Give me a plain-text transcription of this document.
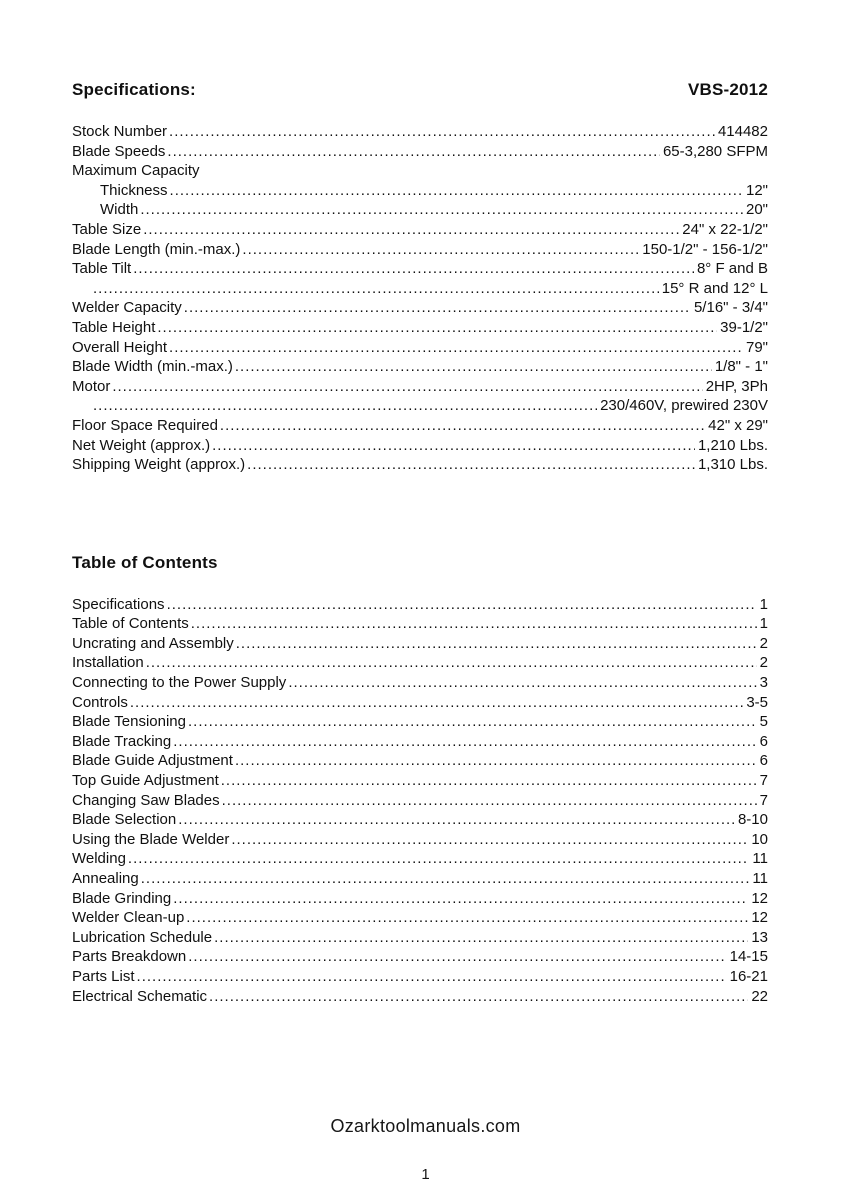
Specifications:	VBS-2012
Stock Number .....	414482
Blade Speeds .....	65-3,280 SFPM
Maximum Capacity
Thickness .....	12"
Width .....	20"
Table Size .....	24" x 22-1/2"
Blade Length (min.-max.) .....	150-1/2" - 156-1/2"
Table Tilt .....	8° F and B
.....
15° R and 12° L
Welder Capacity .....	5/16" - 3/4"
Table Height .....	39-1/2"
Overall Height .....	79"
Blade Width (min.-max.) .....	1/8" - 1"
Motor .....	2HP, 3Ph
.....
230/460V, prewired 230V
Floor Space Required .....	42" x 29"
Net Weight (approx.) .....	1,210 Lbs.
Shipping Weight (approx.) .....	1,310 Lbs.
Table of Contents
Specifications .....	1
Table of Contents .....	1
Uncrating and Assembly .....	2
Installation .....	2
Connecting to the Power Supply .....	3
Controls .....	3-5
Blade Tensioning .....	5
Blade Tracking .....	6
Blade Guide Adjustment .....	6
Top Guide Adjustment .....	7
Changing Saw Blades .....	7
Blade Selection .....	8-10
Using the Blade Welder .....	10
Welding .....	11
Annealing .....	11
Blade Grinding .....	12
Welder Clean-up .....	12
Lubrication Schedule .....	13
Parts Breakdown .....	14-15
Parts List .....	16-21
Electrical Schematic .....	22
Ozarktoolmanuals.com
1
